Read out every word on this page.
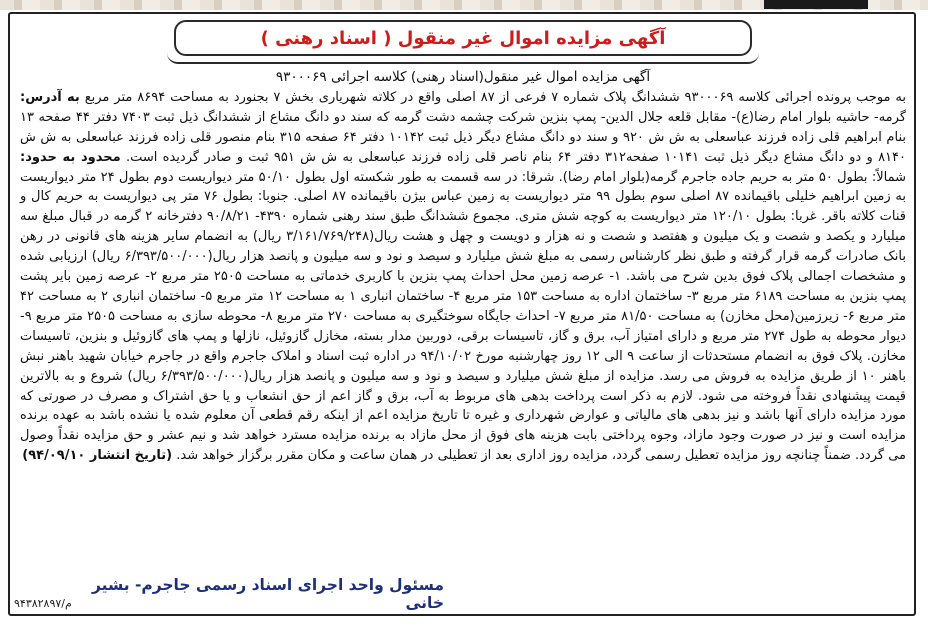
آگهی مزایده اموال غیر منقول ( اسناد رهنی )

آگهی مزایده اموال غیر منقول(اسناد رهنی) کلاسه اجرائی ۹۳۰۰۰۶۹

به موجب پرونده اجرائی کلاسه ۹۳۰۰۰۶۹ ششدانگ پلاک شماره ۷ فرعی از ۸۷ اصلی واقع در کلاته شهریاری بخش ۷ بجنورد به مساحت ۸۶۹۴ متر مربع به آدرس: گرمه- حاشیه بلوار امام رضا(ع)- مقابل قلعه جلال الدین- پمپ بنزین شرکت چشمه دشت گرمه که سند دو دانگ مشاع از ششدانگ ذیل ثبت ۷۴۰۳ دفتر ۴۴ صفحه ۱۳ بنام ابراهیم قلی زاده فرزند عباسعلی به ش ش ۹۲۰ و سند دو دانگ مشاع دیگر ذیل ثبت ۱۰۱۴۲ دفتر ۶۴ صفحه ۳۱۵ بنام منصور قلی زاده فرزند عباسعلی به ش ش ۸۱۴۰ و دو دانگ مشاع دیگر ذیل ثبت ۱۰۱۴۱ صفحه۳۱۲ دفتر ۶۴ بنام ناصر قلی زاده فرزند عباسعلی به ش ش ۹۵۱ ثبت و صادر گردیده است. محدود به حدود: شمالاً: بطول ۵۰ متر به حریم جاده جاجرم گرمه(بلوار امام رضا). شرقا: در سه قسمت به طور شکسته اول بطول ۵۰/۱۰ متر دیواریست دوم بطول ۲۴ متر دیواریست به زمین ابراهیم خلیلی باقیمانده ۸۷ اصلی سوم بطول ۹۹ متر دیواریست به زمین عباس بیژن باقیمانده ۸۷ اصلی. جنوبا: بطول ۷۶ متر پی دیواریست به حریم کال و قنات کلاته باقر. غربا: بطول ۱۲۰/۱۰ متر دیواریست به کوچه شش متری. مجموع ششدانگ طبق سند رهنی شماره ۴۳۹۰- ۹۰/۸/۲۱ دفترخانه ۲ گرمه در قبال مبلغ سه میلیارد و یکصد و شصت و یک میلیون و هفتصد و شصت و نه هزار و دویست و چهل و هشت ریال(۳/۱۶۱/۷۶۹/۲۴۸ ریال) به انضمام سایر هزینه های قانونی در رهن بانک صادرات گرمه قرار گرفته و طبق نظر کارشناس رسمی به مبلغ شش میلیارد و سیصد و نود و سه میلیون و پانصد هزار ریال(۶/۳۹۳/۵۰۰/۰۰۰ ریال) ارزیابی شده و مشخصات اجمالی پلاک فوق بدین شرح می باشد. ۱- عرصه زمین محل احداث پمپ بنزین با کاربری خدماتی به مساحت ۲۵۰۵ متر مربع ۲- عرصه زمین بایر پشت پمپ بنزین به مساحت ۶۱۸۹ متر مربع ۳- ساختمان اداره به مساحت ۱۵۳ متر مربع ۴- ساختمان انباری ۱ به مساحت ۱۲ متر مربع ۵- ساختمان انباری ۲ به مساحت ۴۲ متر مربع ۶- زیرزمین(محل مخازن) به مساحت ۸۱/۵۰ متر مربع ۷- احداث جایگاه سوختگیری به مساحت ۲۷۰ متر مربع ۸- محوطه سازی به مساحت ۲۵۰۵ متر مربع ۹- دیوار محوطه به طول ۲۷۴ متر مربع و دارای امتیاز آب، برق و گاز، تاسیسات برقی، دوربین مدار بسته، مخازل گازوئیل، نازلها و پمپ های گازوئیل و بنزین، تاسیسات مخازن. پلاک فوق به انضمام مستحدثات از ساعت ۹ الی ۱۲ روز چهارشنبه مورخ ۹۴/۱۰/۰۲ در اداره ثبت اسناد و املاک جاجرم واقع در جاجرم خیابان شهید باهنر نبش باهنر ۱۰ از طریق مزایده به فروش می رسد. مزایده از مبلغ شش میلیارد و سیصد و نود و سه میلیون و پانصد هزار ریال(۶/۳۹۳/۵۰۰/۰۰۰ ریال) شروع و به بالاترین قیمت پیشنهادی نقداً فروخته می شود. لازم به ذکر است پرداخت بدهی های مربوط به آب، برق و گاز اعم از حق انشعاب و یا حق اشتراک و مصرف در صورتی که مورد مزایده دارای آنها باشد و نیز بدهی های مالیاتی و عوارض شهرداری و غیره تا تاریخ مزایده اعم از اینکه رقم قطعی آن معلوم شده یا نشده باشد به عهده برنده مزایده است و نیز در صورت وجود مازاد، وجوه پرداختی بابت هزینه های فوق از محل مازاد به برنده مزایده مسترد خواهد شد و نیم عشر و حق مزایده نقداً وصول می گردد. ضمناً چنانچه روز مزایده تعطیل رسمی گردد، مزایده روز اداری بعد از تعطیلی در همان ساعت و مکان مقرر برگزار خواهد شد. (تاریخ انتشار ۹۴/۰۹/۱۰)

مسئول واحد اجرای اسناد رسمی جاجرم- بشیر خانی
م/۹۴۳۸۲۸۹۷
